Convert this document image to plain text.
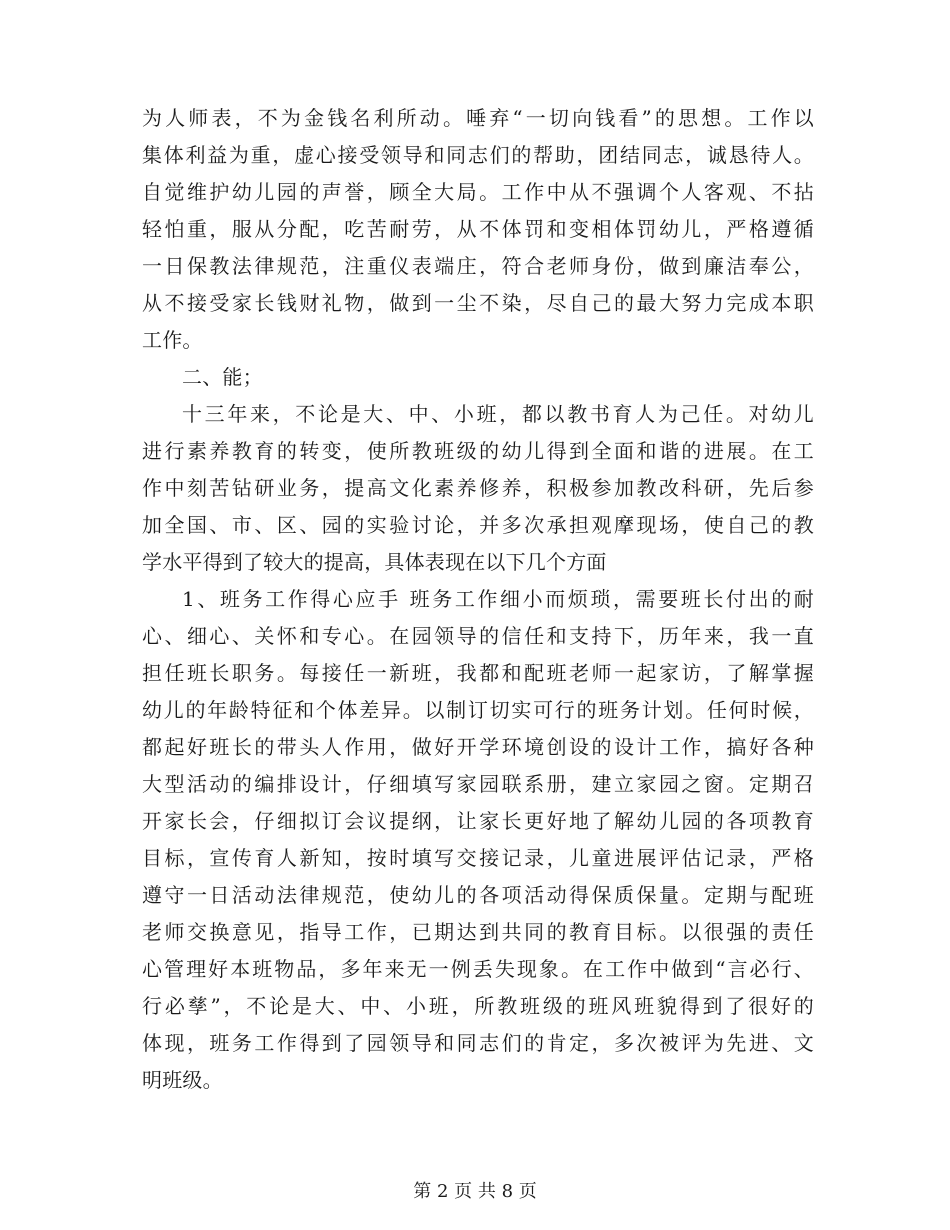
为人师表，不为金钱名利所动。唾弃“一切向钱看”的思想。工作以
集体利益为重，虚心接受领导和同志们的帮助，团结同志，诚恳待人。
自觉维护幼儿园的声誉，顾全大局。工作中从不强调个人客观、不拈
轻怕重，服从分配，吃苦耐劳，从不体罚和变相体罚幼儿，严格遵循
一日保教法律规范，注重仪表端庄，符合老师身份，做到廉洁奉公，
从不接受家长钱财礼物，做到一尘不染，尽自己的最大努力完成本职
工作。
二、能；
十三年来，不论是大、中、小班，都以教书育人为己任。对幼儿
进行素养教育的转变，使所教班级的幼儿得到全面和谐的进展。在工
作中刻苦钻研业务，提高文化素养修养，积极参加教改科研，先后参
加全国、市、区、园的实验讨论，并多次承担观摩现场，使自己的教
学水平得到了较大的提高，具体表现在以下几个方面
1、班务工作得心应手 班务工作细小而烦琐，需要班长付出的耐
心、细心、关怀和专心。在园领导的信任和支持下，历年来，我一直
担任班长职务。每接任一新班，我都和配班老师一起家访，了解掌握
幼儿的年龄特征和个体差异。以制订切实可行的班务计划。任何时候，
都起好班长的带头人作用，做好开学环境创设的设计工作，搞好各种
大型活动的编排设计，仔细填写家园联系册，建立家园之窗。定期召
开家长会，仔细拟订会议提纲，让家长更好地了解幼儿园的各项教育
目标，宣传育人新知，按时填写交接记录，儿童进展评估记录，严格
遵守一日活动法律规范，使幼儿的各项活动得保质保量。定期与配班
老师交换意见，指导工作，已期达到共同的教育目标。以很强的责任
心管理好本班物品，多年来无一例丢失现象。在工作中做到“言必行、
行必孳”，不论是大、中、小班，所教班级的班风班貌得到了很好的
体现，班务工作得到了园领导和同志们的肯定，多次被评为先进、文
明班级。
第 2 页 共 8 页
